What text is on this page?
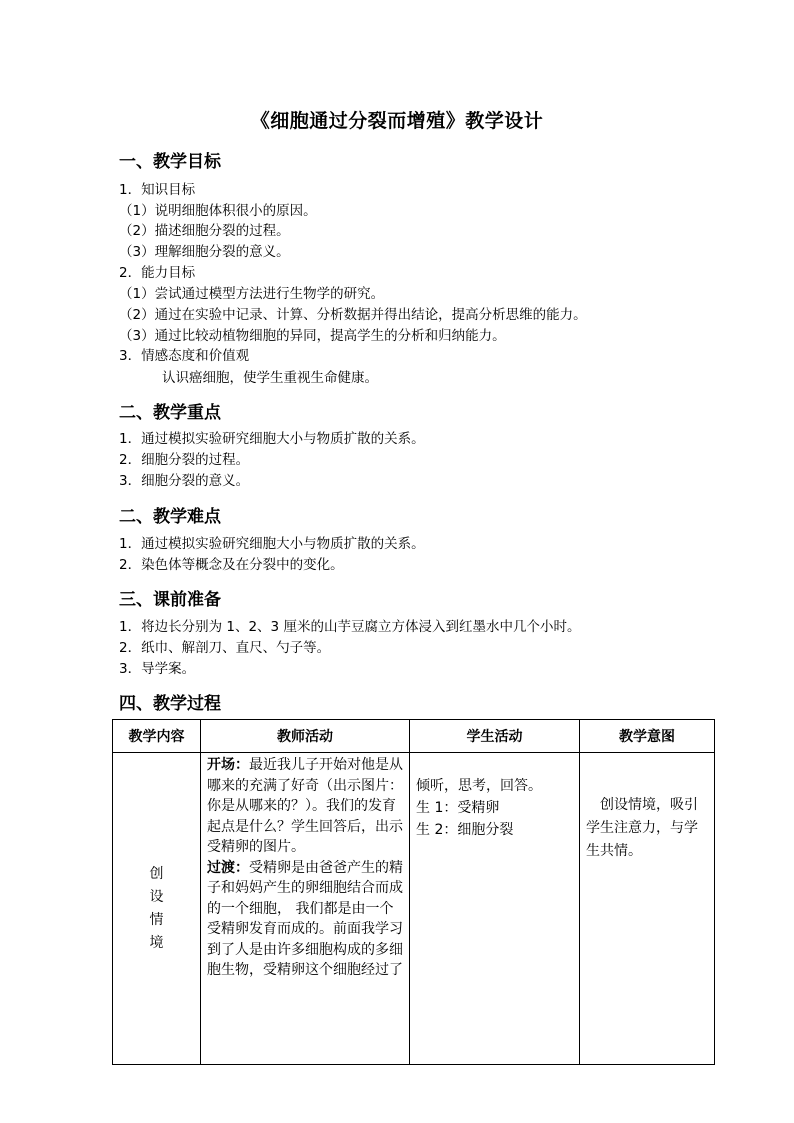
《细胞通过分裂而增殖》教学设计
一、教学目标
1．知识目标
（1）说明细胞体积很小的原因。
（2）描述细胞分裂的过程。
（3）理解细胞分裂的意义。
2．能力目标
（1）尝试通过模型方法进行生物学的研究。
（2）通过在实验中记录、计算、分析数据并得出结论，提高分析思维的能力。
（3）通过比较动植物细胞的异同，提高学生的分析和归纳能力。
3．情感态度和价值观
认识癌细胞，使学生重视生命健康。
二、教学重点
1．通过模拟实验研究细胞大小与物质扩散的关系。
2．细胞分裂的过程。
3．细胞分裂的意义。
二、教学难点
1．通过模拟实验研究细胞大小与物质扩散的关系。
2．染色体等概念及在分裂中的变化。
三、课前准备
1．将边长分别为 1、2、3 厘米的山芋豆腐立方体浸入到红墨水中几个小时。
2．纸巾、解剖刀、直尺、勺子等。
3．导学案。
四、教学过程
教学内容	教师活动	学生活动	教学意图

创
设
情
境	开场：最近我儿子开始对他是从哪来的充满了好奇（出示图片：你是从哪来的？）。我们的发育起点是什么？学生回答后，出示受精卵的图片。
过渡：受精卵是由爸爸产生的精子和妈妈产生的卵细胞结合而成的一个细胞， 我们都是由一个受精卵发育而成的。前面我学习到了人是由许多细胞构成的多细胞生物，受精卵这个细胞经过了	倾听，思考，回答。
生 1：受精卵
生 2：细胞分裂	创设情境，吸引学生注意力，与学生共情。
